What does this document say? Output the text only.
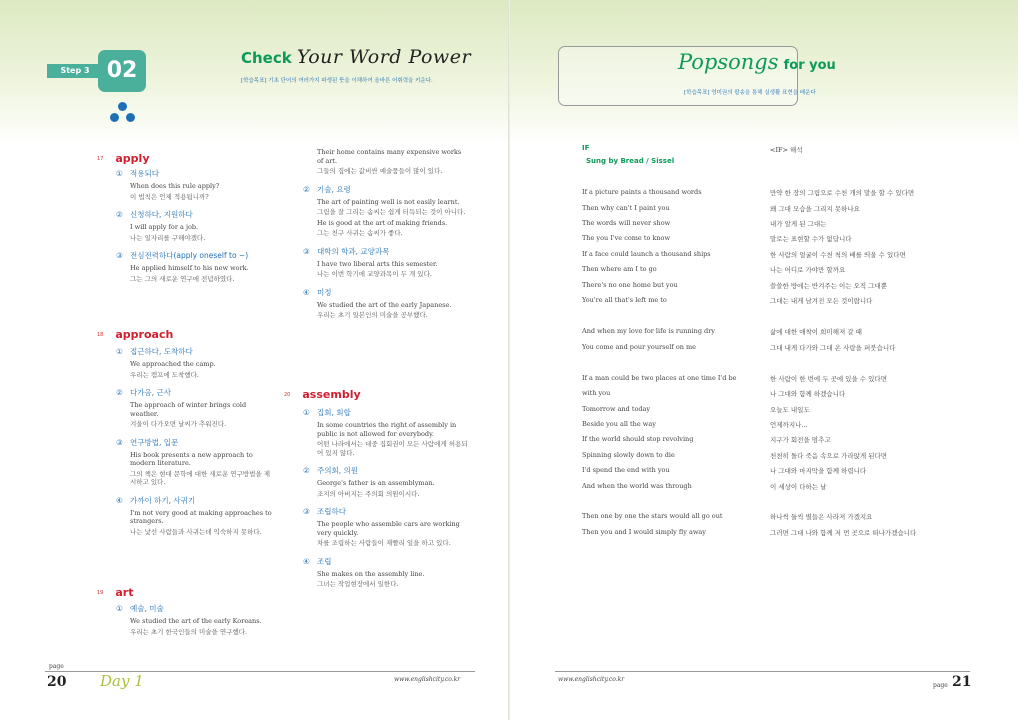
Step 3 02	Check Your Word Power
[학습목표] 기초 단어의 여러가지 파생된 뜻을 이해하여 올바른 어휘력을 키운다.
Popsongs for you
[학습목표] 영미권의 팝송을 통해 실생활 표현을 배운다
17 apply
① 적용되다
When does this rule apply?
이 법칙은 언제 적용됩니까?
② 신청하다, 지원하다
I will apply for a job.
나는 일자리를 구해야겠다.
③ 전심전력하다(apply oneself to ~)
He applied himself to his new work.
그는 그의 새로운 연구에 전념하였다.
18 approach
① 접근하다, 도착하다
We approached the camp.
우리는 캠프에 도착했다.
② 다가옴, 근사
The approach of winter brings cold weather.
겨울이 다가오면 날씨가 추워진다.
③ 연구방법, 입문
His book presents a new approach to modern literature.
그의 책은 현대 문학에 대한 새로운 연구방법을 제시하고 있다.
④ 가까이 하기, 사귀기
I'm not very good at making approaches to strangers.
나는 낯선 사람들과 사귀는데 익숙하지 못하다.
19 art
① 예술, 미술
We studied the art of the early Koreans.
우리는 초기 한국인들의 미술을 연구했다.
Their home contains many expensive works of art.
그들의 집에는 값비싼 예술품들이 많이 있다.
② 기술, 요령
The art of painting well is not easily learnt.
그림을 잘 그리는 솜씨는 쉽게 터득되는 것이 아니다.
He is good at the art of making friends.
그는 친구 사귀는 솜씨가 좋다.
③ 대학의 학과, 교양과목
I have two liberal arts this semester.
나는 이번 학기에 교양과목이 두 개 있다.
④ 미정
We studied the art of the early Japanese.
우리는 초기 일본인의 미술을 공부했다.
20 assembly
① 집회, 회합
In some countries the right of assembly in public is not allowed for everybody.
어떤 나라에서는 대중 집회권이 모든 사람에게 허용되어 있지 않다.
② 주의회, 의원
George's father is an assemblyman.
조지의 아버지는 주의회 의원이시다.
③ 조립하다
The people who assemble cars are working very quickly.
차를 조립하는 사람들이 재빨리 일을 하고 있다.
④ 조립
She makes on the assembly line.
그녀는 작업현장에서 일한다.
IF
Sung by Bread / Sissel
<IF> 해석
If a picture paints a thousand words	만약 한 장의 그림으로 수천 개의 말을 할 수 있다면
Then why can't I paint you	왜 그대 모습을 그리지 못하나요
The words will never show	내가 알게 된 그대는
The you I've come to know	말로는 표현할 수가 없답니다
If a face could launch a thousand ships	한 사람의 얼굴이 수천 척의 배를 띄울 수 있다면
Then where am I to go	나는 어디로 가야만 할까요
There's no one home but you	쓸쓸한 방에는 반겨주는 이는 오직 그대뿐
You're all that's left me to	그대는 내게 남겨진 모든 것이랍니다
And when my love for life is running dry	삶에 대한 애착이 희미해져 갈 때
You come and pour yourself on me	그대 내게 다가와 그대 온 사랑을 퍼붓습니다
If a man could be two places at one time I'd be	한 사람이 한 번에 두 곳에 있을 수 있다면
with you	나 그대와 함께 하겠습니다
Tomorrow and today	오늘도 내일도
Beside you all the way	언제까지나...
If the world should stop revolving	지구가 회전을 멈추고
Spinning slowly down to die	천천히 돌다 죽음 속으로 가라앉게 된다면
I'd spend the end with you	나 그대와 마지막을 함께 하렵니다
And when the world was through	이 세상이 다하는 날
Then one by one the stars would all go out	하나씩 둘씩 별들은 사라져 가겠지요
Then you and I would simply fly away	그러면 그대 나와 함께 저 먼 곳으로 떠나가겠습니다
page
20 Day 1	www.englishcity.co.kr	www.englishcity.co.kr
page 21
